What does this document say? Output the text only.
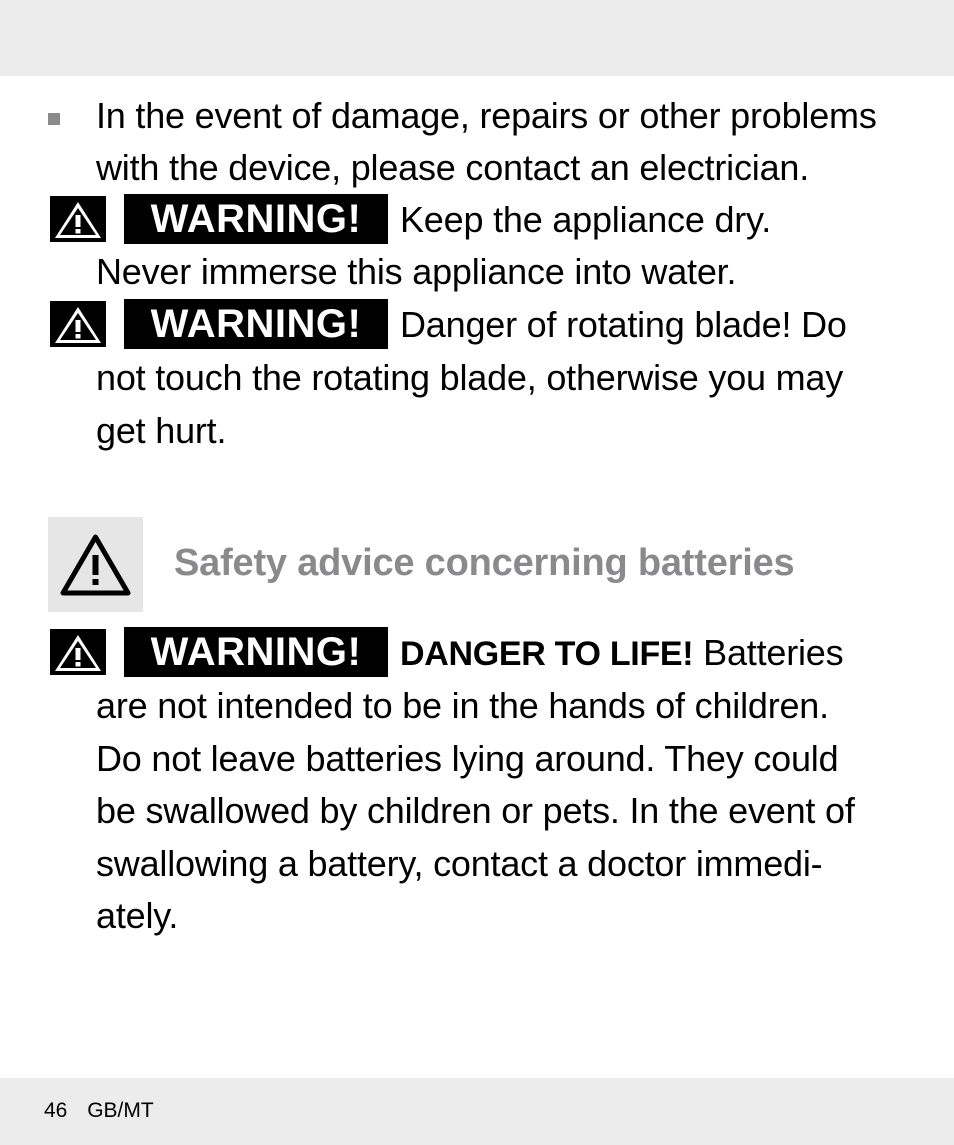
In the event of damage, repairs or other problems
with the device, please contact an electrician.
WARNING!	Keep the appliance dry.
Never immerse this appliance into water.
WARNING!	Danger of rotating blade! Do
not touch the rotating blade, otherwise you may
get hurt.
Safety advice concerning batteries
WARNING!	DANGER TO LIFE! Batteries
are not intended to be in the hands of children.
Do not leave batteries lying around. They could
be swallowed by children or pets. In the event of
swallowing a battery, contact a doctor immedi-
ately.
46 GB/MT
